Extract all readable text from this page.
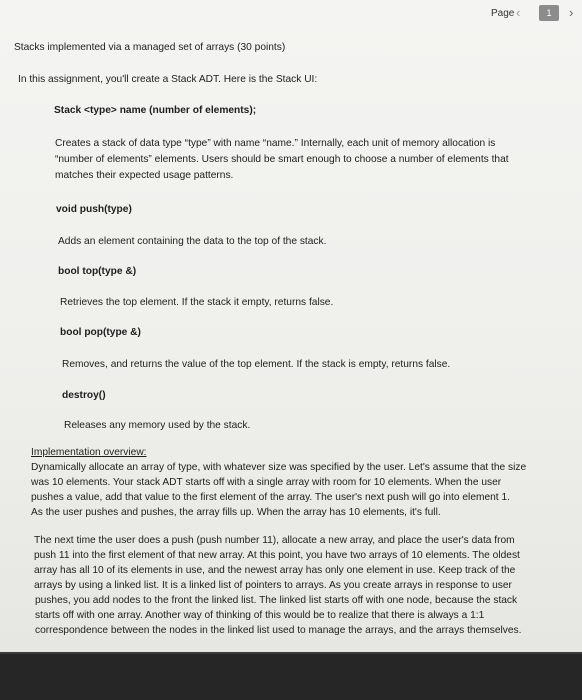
Page ‹	1	›
Stacks implemented via a managed set of arrays (30 points)
In this assignment, you'll create a Stack ADT. Here is the Stack UI:
Stack <type> name (number of elements);
Creates a stack of data type “type” with name “name.” Internally, each unit of memory allocation is
“number of elements” elements. Users should be smart enough to choose a number of elements that
matches their expected usage patterns.
void push(type)
Adds an element containing the data to the top of the stack.
bool top(type &)
Retrieves the top element. If the stack it empty, returns false.
bool pop(type &)
Removes, and returns the value of the top element. If the stack is empty, returns false.
destroy()
Releases any memory used by the stack.
Implementation overview:
Dynamically allocate an array of type, with whatever size was specified by the user. Let's assume that the size
was 10 elements. Your stack ADT starts off with a single array with room for 10 elements. When the user
pushes a value, add that value to the first element of the array. The user's next push will go into element 1.
As the user pushes and pushes, the array fills up. When the array has 10 elements, it's full.
The next time the user does a push (push number 11), allocate a new array, and place the user's data from
push 11 into the first element of that new array. At this point, you have two arrays of 10 elements. The oldest
array has all 10 of its elements in use, and the newest array has only one element in use. Keep track of the
arrays by using a linked list. It is a linked list of pointers to arrays. As you create arrays in response to user
pushes, you add nodes to the front the linked list. The linked list starts off with one node, because the stack
starts off with one array. Another way of thinking of this would be to realize that there is always a 1:1
correspondence between the nodes in the linked list used to manage the arrays, and the arrays themselves.
